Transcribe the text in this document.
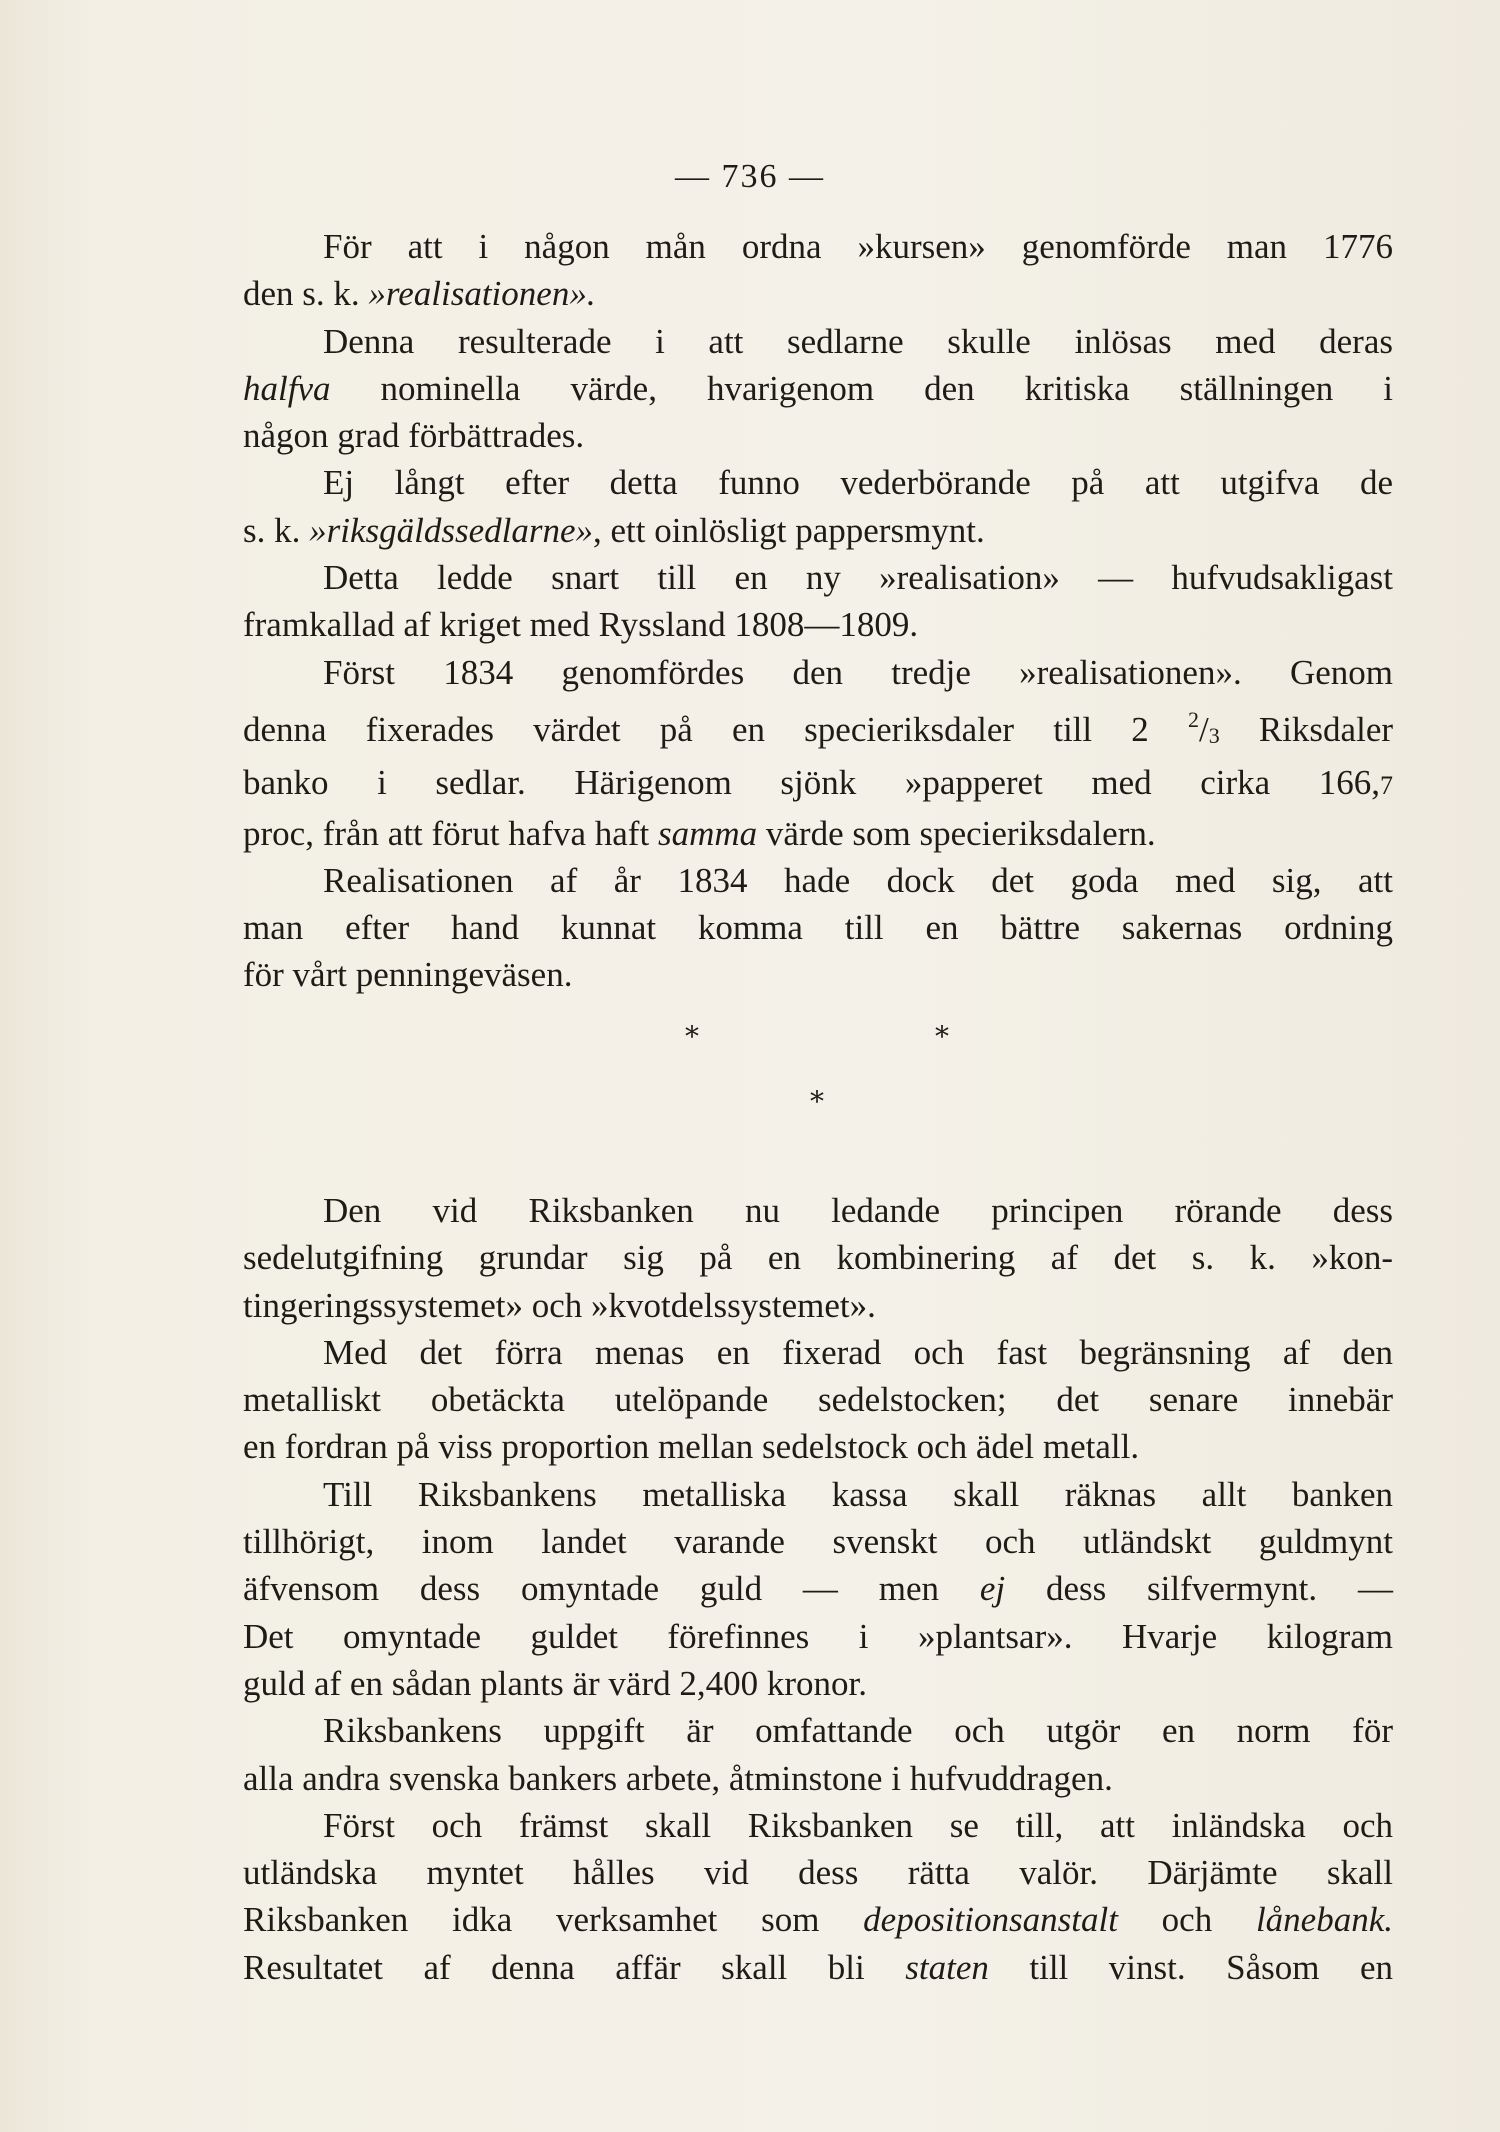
— 736 —

För att i någon mån ordna »kursen» genomförde man 1776
den s. k. »realisationen».

Denna resulterade i att sedlarne skulle inlösas med deras
halfva nominella värde, hvarigenom den kritiska ställningen i
någon grad förbättrades.

Ej långt efter detta funno vederbörande på att utgifva de
s. k. »riksgäldssedlarne», ett oinlösligt pappersmynt.

Detta ledde snart till en ny »realisation» — hufvudsakligast
framkallad af kriget med Ryssland 1808—1809.

Först 1834 genomfördes den tredje »realisationen». Genom
denna fixerades värdet på en specieriksdaler till 2 $^2/_3$ Riksdaler
banko i sedlar. Härigenom sjönk »papperet med cirka 166,7
proc, från att förut hafva haft samma värde som specieriksdalern.

Realisationen af år 1834 hade dock det goda med sig, att
man efter hand kunnat komma till en bättre sakernas ordning
för vårt penningeväsen.

*	*
*

Den vid Riksbanken nu ledande principen rörande dess
sedelutgifning grundar sig på en kombinering af det s. k. »kon-
tingeringssystemet» och »kvotdelssystemet».

Med det förra menas en fixerad och fast begränsning af den
metalliskt obetäckta utelöpande sedelstocken; det senare innebär
en fordran på viss proportion mellan sedelstock och ädel metall.

Till Riksbankens metalliska kassa skall räknas allt banken
tillhörigt, inom landet varande svenskt och utländskt guldmynt
äfvensom dess omyntade guld — men ej dess silfvermynt. —
Det omyntade guldet förefinnes i »plantsar». Hvarje kilogram
guld af en sådan plants är värd 2,400 kronor.

Riksbankens uppgift är omfattande och utgör en norm för
alla andra svenska bankers arbete, åtminstone i hufvuddragen.

Först och främst skall Riksbanken se till, att inländska och
utländska myntet hålles vid dess rätta valör. Därjämte skall
Riksbanken idka verksamhet som depositionsanstalt och lånebank.
Resultatet af denna affär skall bli staten till vinst. Såsom en
